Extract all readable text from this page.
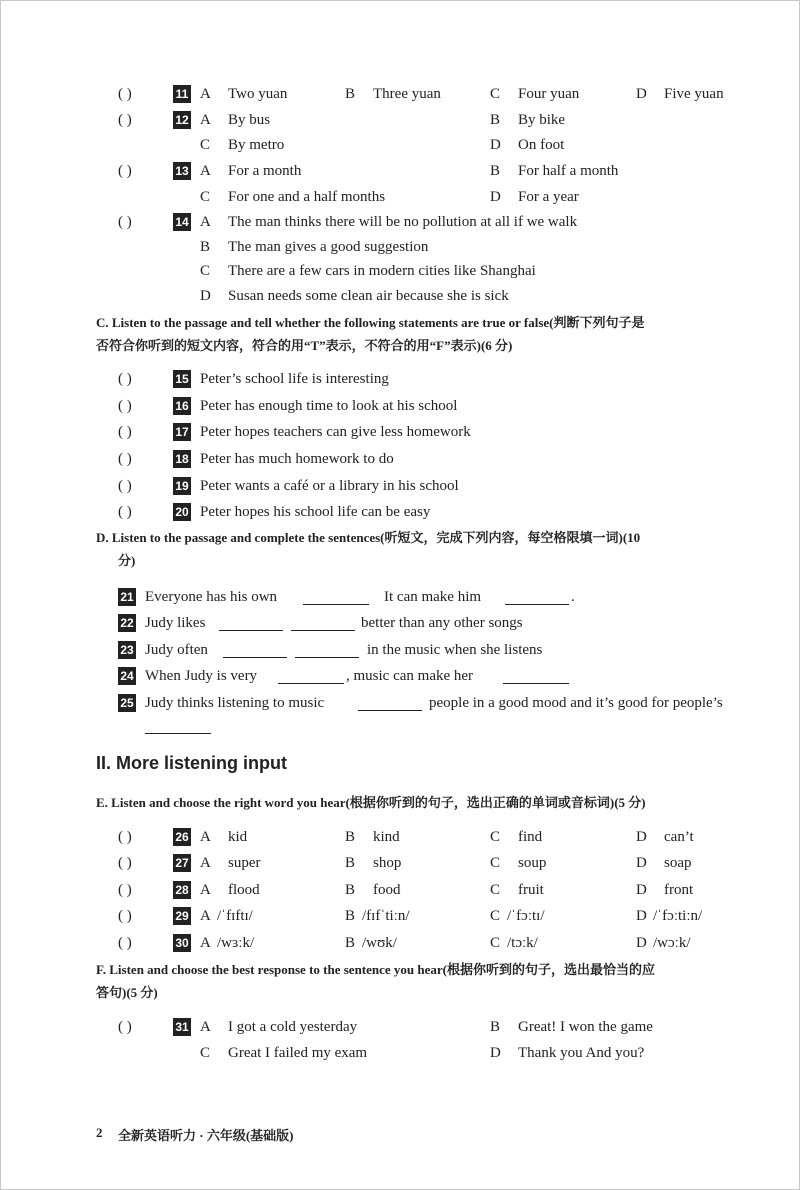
( )	11 A Two yuan	B Three yuan	C Four yuan	D Five yuan
( )	12 A By bus	B By bike
C By metro	D On foot
( )	13 A For a month	B For half a month
C For one and a half months	D For a year
( )	14 A The man thinks there will be no pollution at all if we walk
B The man gives a good suggestion
C There are a few cars in modern cities like Shanghai
D Susan needs some clean air because she is sick
C. Listen to the passage and tell whether the following statements are true or false(判断下列句子是
否符合你听到的短文内容，符合的用“T”表示，不符合的用“F”表示)(6 分)
( )	15 Peter’s school life is interesting
( )	16 Peter has enough time to look at his school
( )	17 Peter hopes teachers can give less homework
( )	18 Peter has much homework to do
( )	19 Peter wants a café or a library in his school
( )	20 Peter hopes his school life can be easy
D. Listen to the passage and complete the sentences(听短文，完成下列内容，每空格限填一词)(10
分)
21 Everyone has his own	It can make him	.
22 Judy likes	better than any other songs
23 Judy often	in the music when she listens
24 When Judy is very	, music can make her
25 Judy thinks listening to music	people in a good mood and it’s good for people’s
II. More listening input
E. Listen and choose the right word you hear(根据你听到的句子，选出正确的单词或音标词)(5 分)
( )	26 A kid	B kind	C find	D can’t
( )	27 A super	B shop	C soup	D soap
( )	28 A flood	B food	C fruit	D front
( )	29 A /ˈfɪftɪ/	B /fɪfˈtiːn/	C /ˈfɔːtɪ/	D /ˈfɔːtiːn/
( )	30 A /wɜːk/	B /wʊk/	C /tɔːk/	D /wɔːk/
F. Listen and choose the best response to the sentence you hear(根据你听到的句子，选出最恰当的应
答句)(5 分)
( )	31 A I got a cold yesterday	B Great! I won the game
C Great I failed my exam	D Thank you And you?
2 全新英语听力 · 六年级(基础版)
